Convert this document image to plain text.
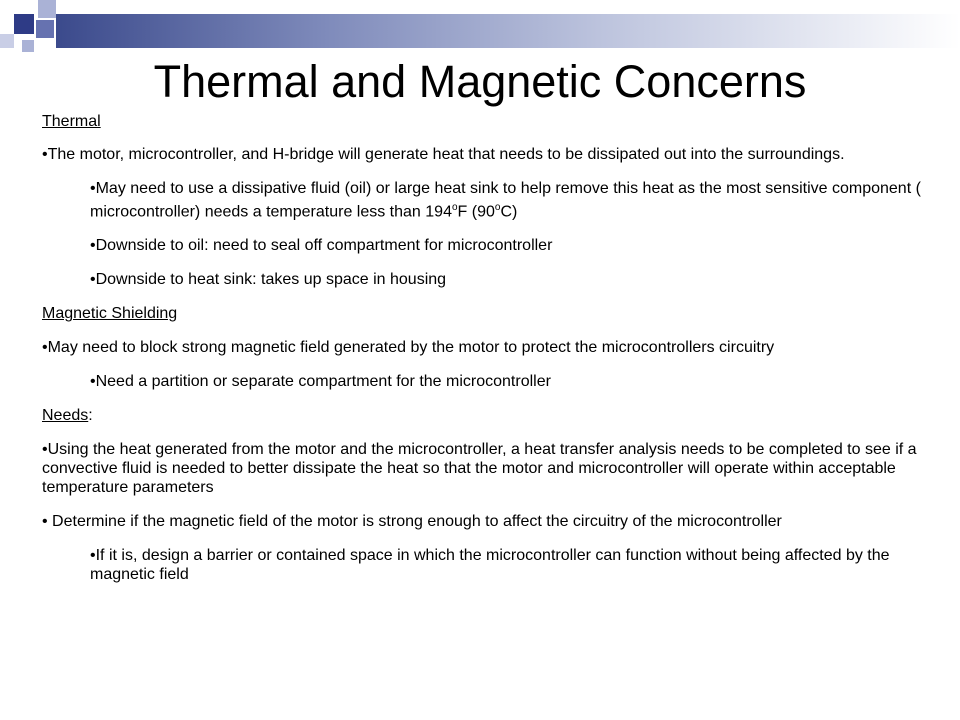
Thermal and Magnetic Concerns

Thermal

•The motor, microcontroller, and H-bridge will generate heat that needs to be dissipated out into the surroundings.

•May need to use a dissipative fluid (oil) or large heat sink to help remove this heat as the most sensitive component ( microcontroller) needs a temperature less than 194$^o$F (90$^o$C)

•Downside to oil: need to seal off compartment for microcontroller

•Downside to heat sink: takes up space in housing

Magnetic Shielding

•May need to block strong magnetic field generated by the motor to protect the microcontrollers circuitry

•Need a partition or separate compartment for the microcontroller

Needs:

•Using the heat generated from the motor and the microcontroller, a heat transfer analysis needs to be completed to see if a convective fluid is needed to better dissipate the heat so that the motor and microcontroller will operate within acceptable temperature parameters

• Determine if the magnetic field of the motor is strong enough to affect the circuitry of the microcontroller

•If it is, design a barrier or contained space in which the microcontroller can function without being affected by the magnetic field
